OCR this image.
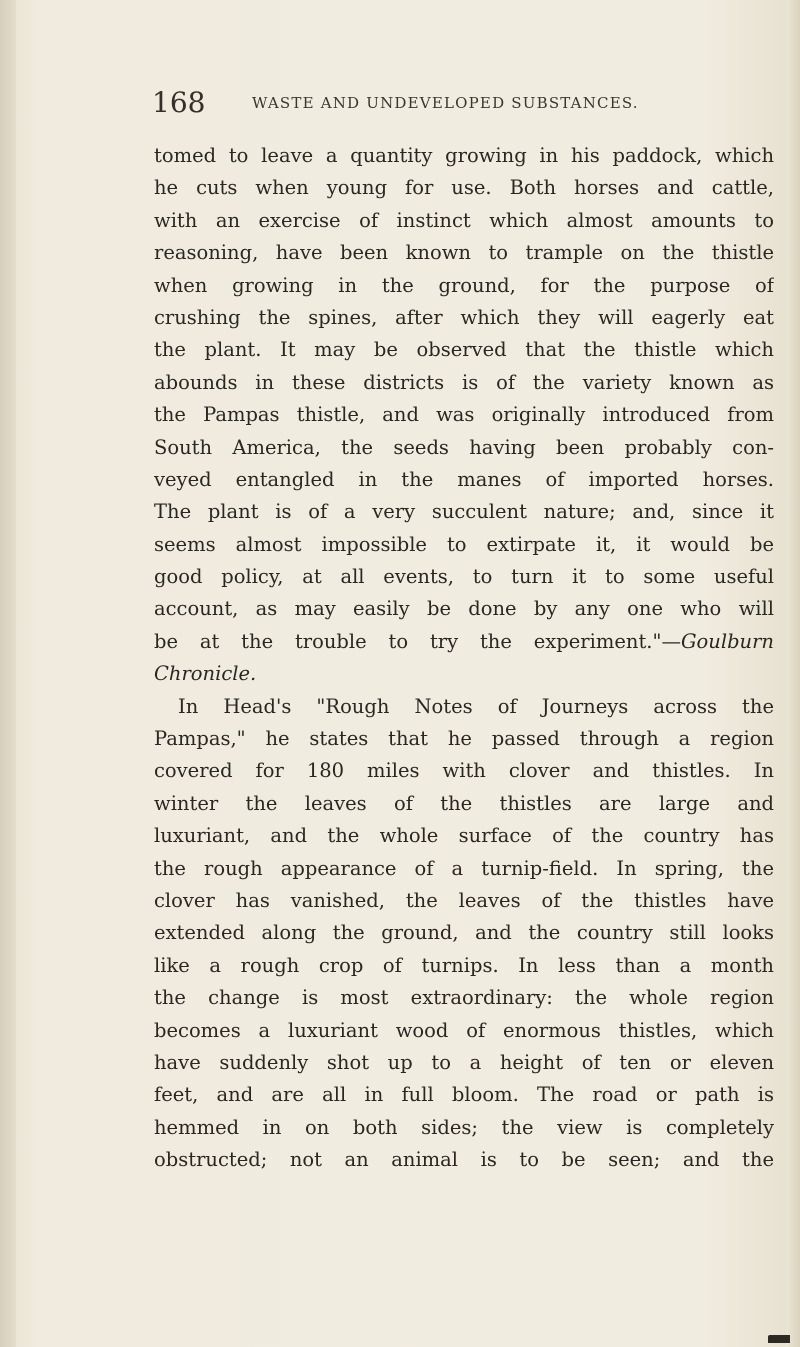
168	WASTE AND UNDEVELOPED SUBSTANCES.
tomed to leave a quantity growing in his paddock, which
he cuts when young for use. Both horses and cattle,
with an exercise of instinct which almost amounts to
reasoning, have been known to trample on the thistle
when growing in the ground, for the purpose of
crushing the spines, after which they will eagerly eat
the plant. It may be observed that the thistle which
abounds in these districts is of the variety known as
the Pampas thistle, and was originally introduced from
South America, the seeds having been probably con-
veyed entangled in the manes of imported horses.
The plant is of a very succulent nature; and, since it
seems almost impossible to extirpate it, it would be
good policy, at all events, to turn it to some useful
account, as may easily be done by any one who will
be at the trouble to try the experiment."—Goulburn
Chronicle.
In Head's "Rough Notes of Journeys across the
Pampas," he states that he passed through a region
covered for 180 miles with clover and thistles. In
winter the leaves of the thistles are large and
luxuriant, and the whole surface of the country has
the rough appearance of a turnip-field. In spring, the
clover has vanished, the leaves of the thistles have
extended along the ground, and the country still looks
like a rough crop of turnips. In less than a month
the change is most extraordinary: the whole region
becomes a luxuriant wood of enormous thistles, which
have suddenly shot up to a height of ten or eleven
feet, and are all in full bloom. The road or path is
hemmed in on both sides; the view is completely
obstructed; not an animal is to be seen; and the
